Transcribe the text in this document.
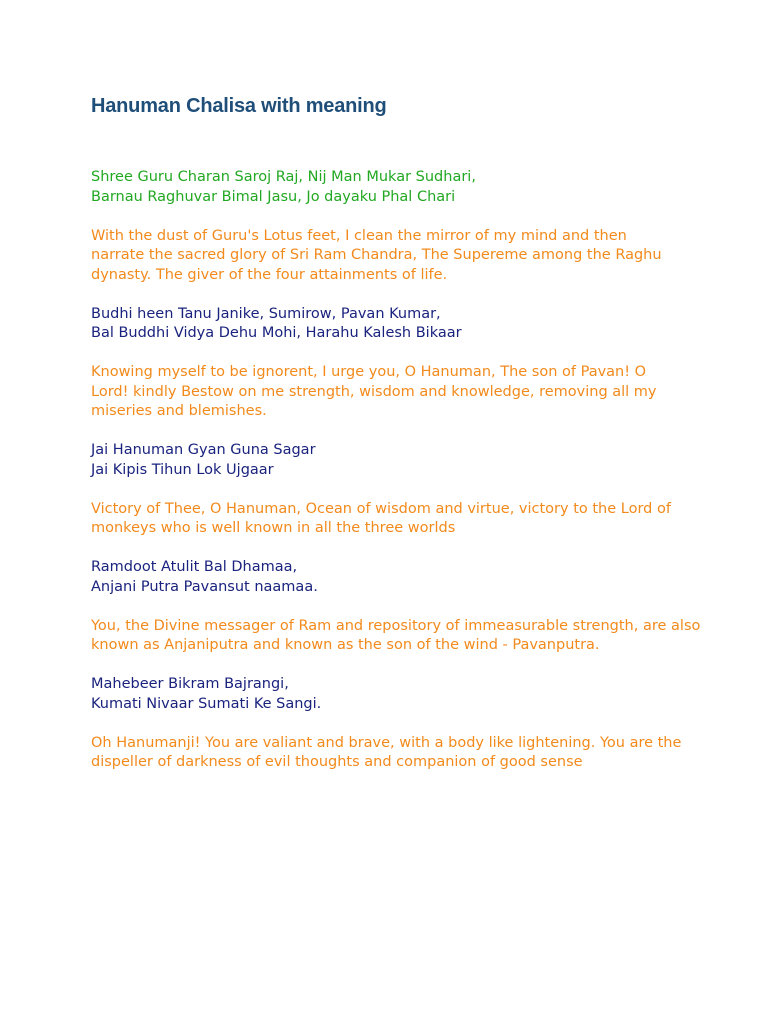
Hanuman Chalisa with meaning

Shree Guru Charan Saroj Raj, Nij Man Mukar Sudhari,
Barnau Raghuvar Bimal Jasu, Jo dayaku Phal Chari

With the dust of Guru's Lotus feet, I clean the mirror of my mind and then
narrate the sacred glory of Sri Ram Chandra, The Supereme among the Raghu
dynasty. The giver of the four attainments of life.

Budhi heen Tanu Janike, Sumirow, Pavan Kumar,
Bal Buddhi Vidya Dehu Mohi, Harahu Kalesh Bikaar

Knowing myself to be ignorent, I urge you, O Hanuman, The son of Pavan! O
Lord! kindly Bestow on me strength, wisdom and knowledge, removing all my
miseries and blemishes.

Jai Hanuman Gyan Guna Sagar
Jai Kipis Tihun Lok Ujgaar

Victory of Thee, O Hanuman, Ocean of wisdom and virtue, victory to the Lord of
monkeys who is well known in all the three worlds

Ramdoot Atulit Bal Dhamaa,
Anjani Putra Pavansut naamaa.

You, the Divine messager of Ram and repository of immeasurable strength, are also
known as Anjaniputra and known as the son of the wind - Pavanputra.

Mahebeer Bikram Bajrangi,
Kumati Nivaar Sumati Ke Sangi.

Oh Hanumanji! You are valiant and brave, with a body like lightening. You are the
dispeller of darkness of evil thoughts and companion of good sense
